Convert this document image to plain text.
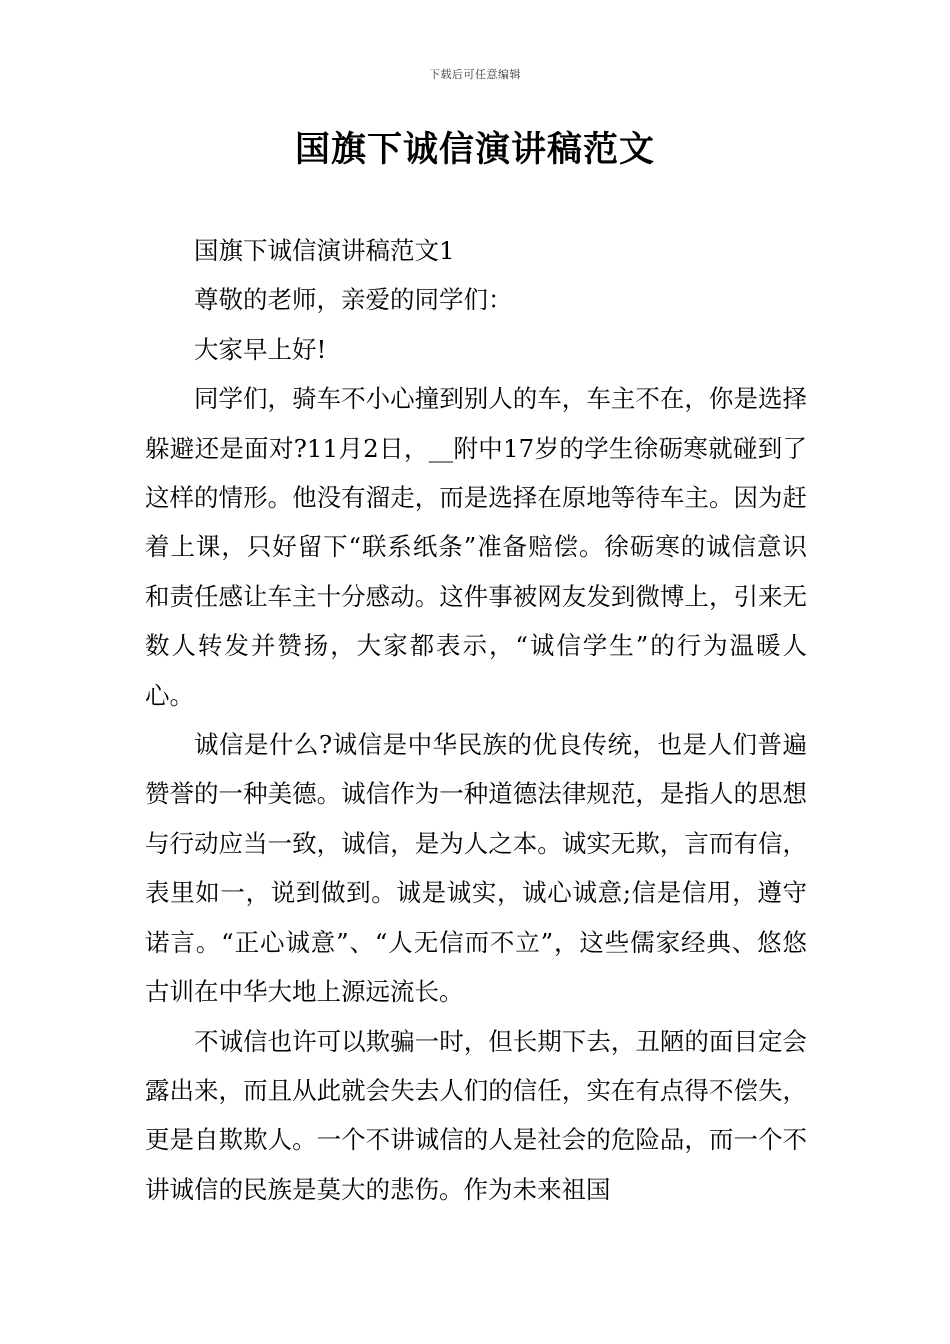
下载后可任意编辑
国旗下诚信演讲稿范文

国旗下诚信演讲稿范文1

尊敬的老师，亲爱的同学们：

大家早上好!

同学们，骑车不小心撞到别人的车，车主不在，你是选择躲避还是面对?11月2日，__附中17岁的学生徐砺寒就碰到了这样的情形。他没有溜走，而是选择在原地等待车主。因为赶着上课，只好留下“联系纸条”准备赔偿。徐砺寒的诚信意识和责任感让车主十分感动。这件事被网友发到微博上，引来无数人转发并赞扬，大家都表示，“诚信学生”的行为温暖人心。

诚信是什么?诚信是中华民族的优良传统，也是人们普遍赞誉的一种美德。诚信作为一种道德法律规范，是指人的思想与行动应当一致，诚信，是为人之本。诚实无欺，言而有信，表里如一，说到做到。诚是诚实，诚心诚意;信是信用，遵守诺言。“正心诚意”、“人无信而不立”，这些儒家经典、悠悠古训在中华大地上源远流长。

不诚信也许可以欺骗一时，但长期下去，丑陋的面目定会露出来，而且从此就会失去人们的信任，实在有点得不偿失，更是自欺欺人。一个不讲诚信的人是社会的危险品，而一个不讲诚信的民族是莫大的悲伤。作为未来祖国
